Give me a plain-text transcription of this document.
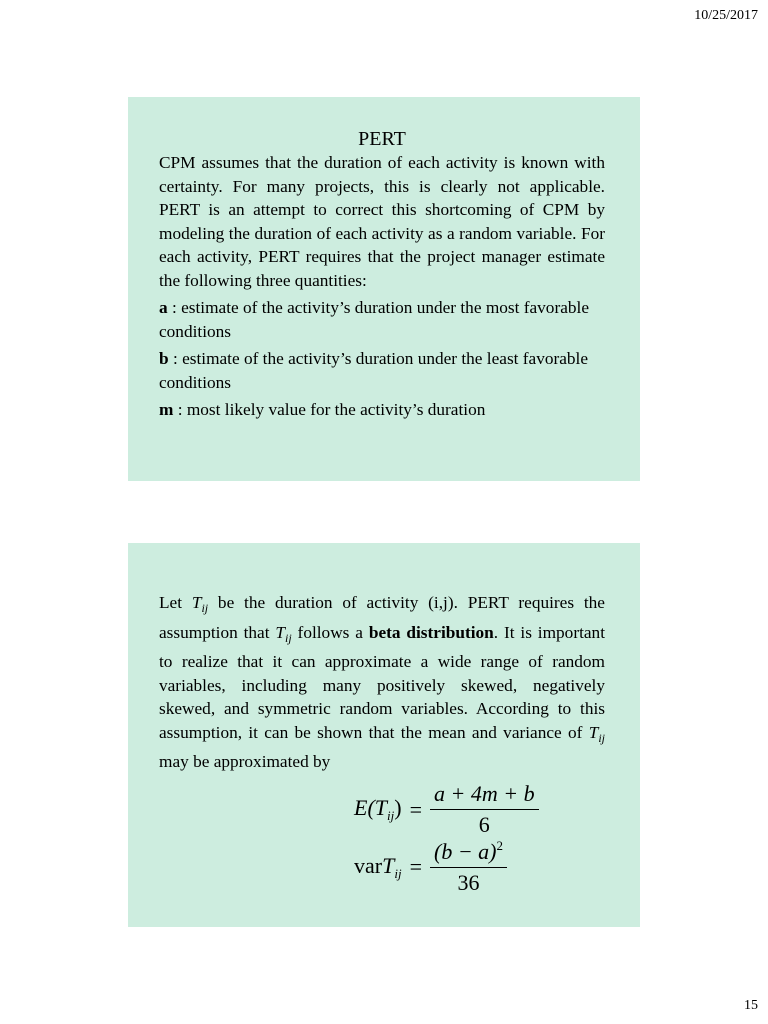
10/25/2017
PERT

CPM assumes that the duration of each activity is known with certainty. For many projects, this is clearly not applicable. PERT is an attempt to correct this shortcoming of CPM by modeling the duration of each activity as a random variable. For each activity, PERT requires that the project manager estimate the following three quantities:

a : estimate of the activity’s duration under the most favorable conditions

b : estimate of the activity’s duration under the least favorable conditions

m : most likely value for the activity’s duration

Let $T_{ij}$ be the duration of activity (i,j). PERT requires the assumption that $T_{ij}$ follows a beta distribution. It is important to realize that it can approximate a wide range of random variables, including many positively skewed, negatively skewed, and symmetric random variables. According to this assumption, it can be shown that the mean and variance of $T_{ij}$ may be approximated by

$E(T_{ij}) = \frac{a + 4m + b}{6}$
varT$_{ij}$ = $\frac{(b - a)^2}{36}$
15
